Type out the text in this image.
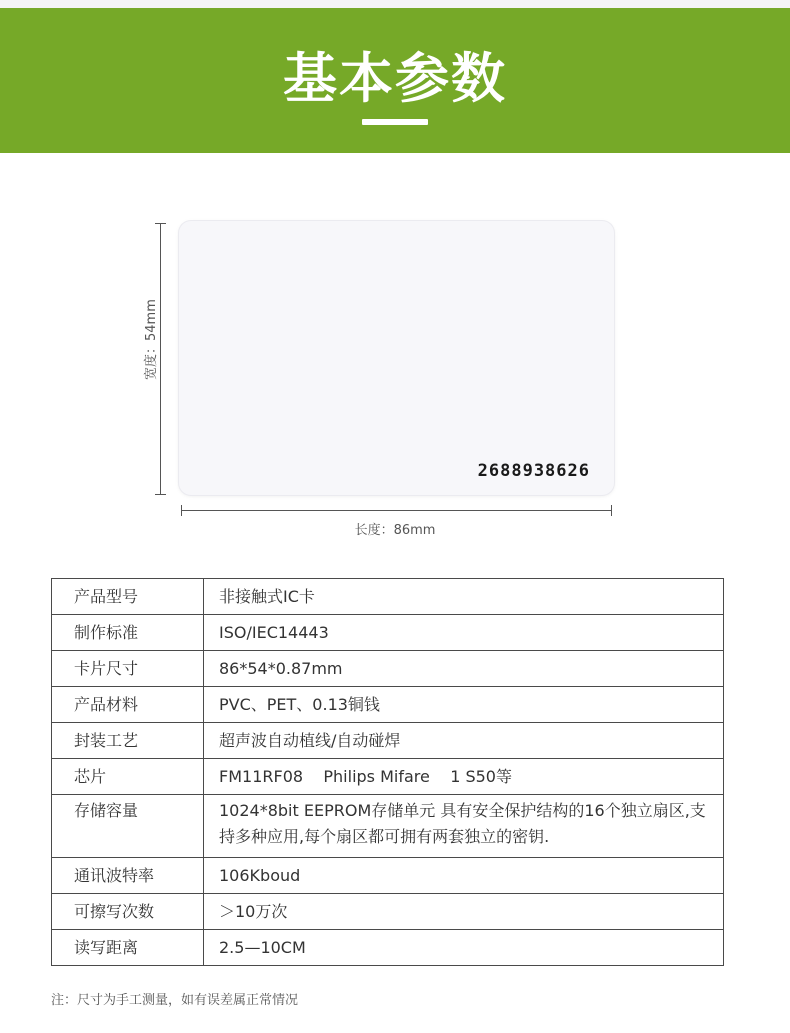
基本参数
宽度：54mm
2688938626
长度：86mm
产品型号	非接触式IC卡
制作标准	ISO/IEC14443
卡片尺寸	86*54*0.87mm
产品材料	PVC、PET、0.13铜钱
封装工艺	超声波自动植线/自动碰焊
芯片	FM11RF08    Philips Mifare    1 S50等
存储容量	1024*8bit EEPROM存储单元 具有安全保护结构的16个独立扇区,支持多种应用,每个扇区都可拥有两套独立的密钥.
通讯波特率	106Kboud
可擦写次数	＞10万次
读写距离	2.5—10CM
注：尺寸为手工测量，如有误差属正常情况
